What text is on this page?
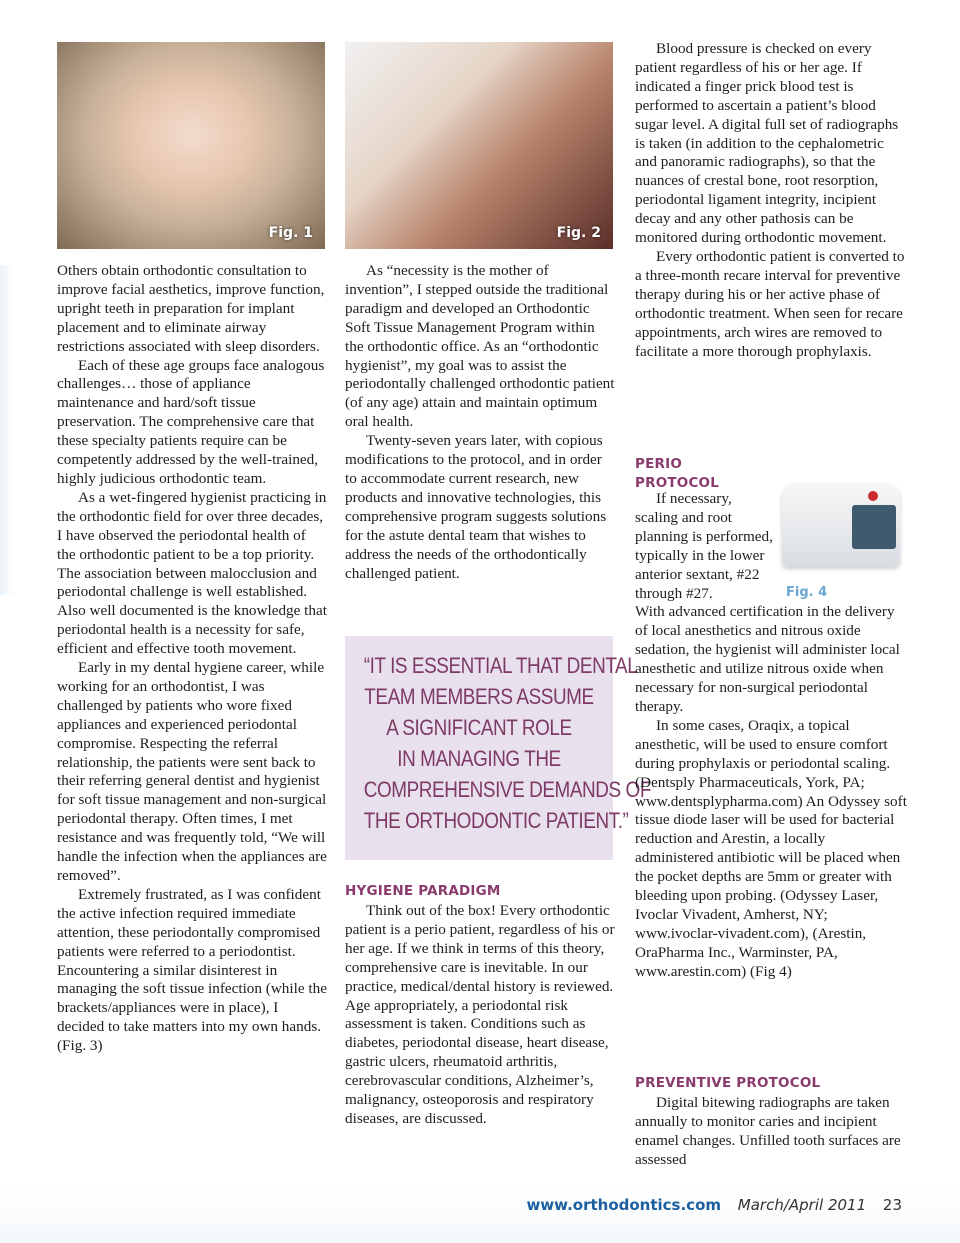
Fig. 1	Fig. 2

Others obtain orthodontic consultation to improve facial aesthetics, improve function, upright teeth in preparation for implant placement and to eliminate airway restrictions associated with sleep disorders.

Each of these age groups face analogous challenges… those of appliance maintenance and hard/soft tissue preservation. The comprehensive care that these specialty patients require can be competently addressed by the well-trained, highly judicious orthodontic team.

As a wet-fingered hygienist practicing in the orthodontic field for over three decades, I have observed the periodontal health of the orthodontic patient to be a top priority. The association between malocclusion and periodontal challenge is well established. Also well documented is the knowledge that periodontal health is a necessity for safe, efficient and effective tooth movement.

Early in my dental hygiene career, while working for an orthodontist, I was challenged by patients who wore fixed appliances and experienced periodontal compromise. Respecting the referral relationship, the patients were sent back to their referring general dentist and hygienist for soft tissue management and non-surgical periodontal therapy. Often times, I met resistance and was frequently told, “We will handle the infection when the appliances are removed”.

Extremely frustrated, as I was confident the active infection required immediate attention, these periodontally compromised patients were referred to a periodontist. Encountering a similar disinterest in managing the soft tissue infection (while the brackets/appliances were in place), I decided to take matters into my own hands. (Fig. 3)

As “necessity is the mother of invention”, I stepped outside the traditional paradigm and developed an Orthodontic Soft Tissue Management Program within the orthodontic office. As an “orthodontic hygienist”, my goal was to assist the periodontally challenged orthodontic patient (of any age) attain and maintain optimum oral health.

Twenty-seven years later, with copious modifications to the protocol, and in order to accommodate current research, new products and innovative technologies, this comprehensive program suggests solutions for the astute dental team that wishes to address the needs of the orthodontically challenged patient.

“IT IS ESSENTIAL THAT DENTAL
TEAM MEMBERS ASSUME
A SIGNIFICANT ROLE
IN MANAGING THE
COMPREHENSIVE DEMANDS OF
THE ORTHODONTIC PATIENT.”
HYGIENE PARADIGM

Think out of the box! Every orthodontic patient is a perio patient, regardless of his or her age. If we think in terms of this theory, comprehensive care is inevitable. In our practice, medical/dental history is reviewed. Age appropriately, a periodontal risk assessment is taken. Conditions such as diabetes, periodontal disease, heart disease, gastric ulcers, rheumatoid arthritis, cerebrovascular conditions, Alzheimer’s, malignancy, osteoporosis and respiratory diseases, are discussed.

Blood pressure is checked on every patient regardless of his or her age. If indicated a finger prick blood test is performed to ascertain a patient’s blood sugar level. A digital full set of radiographs is taken (in addition to the cephalometric and panoramic radiographs), so that the nuances of crestal bone, root resorption, periodontal ligament integrity, incipient decay and any other pathosis can be monitored during orthodontic movement.

Every orthodontic patient is converted to a three-month recare interval for preventive therapy during his or her active phase of orthodontic treatment. When seen for recare appointments, arch wires are removed to facilitate a more thorough prophylaxis.

PERIO
PROTOCOL
Fig. 4

If necessary, scaling and root planning is performed, typically in the lower anterior sextant, #22 through #27.

With advanced certification in the delivery of local anesthetics and nitrous oxide sedation, the hygienist will administer local anesthetic and utilize nitrous oxide when necessary for non-surgical periodontal therapy.

In some cases, Oraqix, a topical anesthetic, will be used to ensure comfort during prophylaxis or periodontal scaling. (Dentsply Pharmaceuticals, York, PA; www.dentsplypharma.com) An Odyssey soft tissue diode laser will be used for bacterial reduction and Arestin, a locally administered antibiotic will be placed when the pocket depths are 5mm or greater with bleeding upon probing. (Odyssey Laser, Ivoclar Vivadent, Amherst, NY; www.ivoclar-vivadent.com), (Arestin, OraPharma Inc., Warminster, PA, www.arestin.com) (Fig 4)

PREVENTIVE PROTOCOL

Digital bitewing radiographs are taken annually to monitor caries and incipient enamel changes. Unfilled tooth surfaces are assessed

www.orthodontics.com March/April 2011 23
